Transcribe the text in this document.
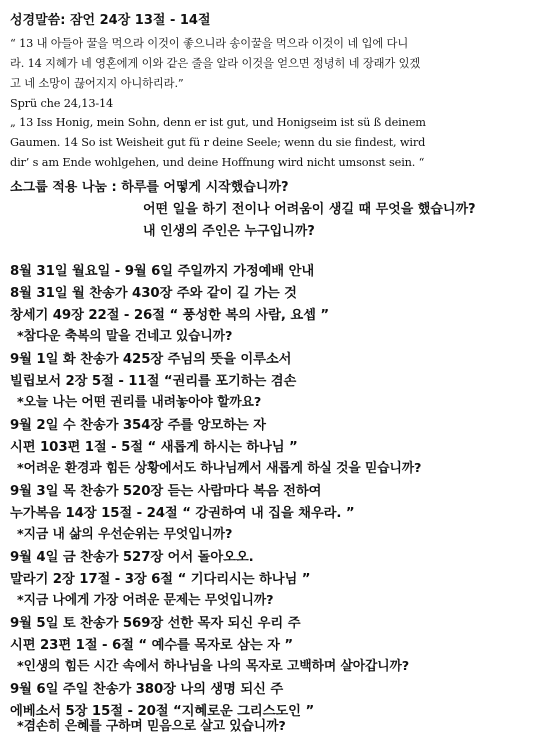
성경말씀: 잠언 24장 13절 - 14절
“ 13 내 아들아 꿀을 먹으라 이것이 좋으니라 송이꿀을 먹으라 이것이 네 입에 다니
라. 14 지혜가 네 영혼에게 이와 같은 줄을 알라 이것을 얻으면 정녕히 네 장래가 있겠
고 네 소망이 끊어지지 아니하리라.”
Sprü che 24,13-14
„ 13 Iss Honig, mein Sohn, denn er ist gut, und Honigseim ist sü ß deinem
Gaumen. 14 So ist Weisheit gut fü r deine Seele; wenn du sie findest, wird
dir’ s am Ende wohlgehen, und deine Hoffnung wird nicht umsonst sein. “
소그룹 적용 나눔 : 하루를 어떻게 시작했습니까?
어떤 일을 하기 전이나 어려움이 생길 때 무엇을 했습니까?
내 인생의 주인은 누구입니까?
8월 31일 월요일 - 9월 6일 주일까지 가정예배 안내
8월 31일 월 찬송가 430장 주와 같이 길 가는 것
창세기 49장 22절 - 26절 “ 풍성한 복의 사람, 요셉 ”
*참다운 축복의 말을 건네고 있습니까?
9월 1일 화 찬송가 425장 주님의 뜻을 이루소서
빌립보서 2장 5절 - 11절 “권리를 포기하는 겸손
*오늘 나는 어떤 권리를 내려놓아야 할까요?
9월 2일 수 찬송가 354장 주를 앙모하는 자
시편 103편 1절 - 5절 “ 새롭게 하시는 하나님 ”
*어려운 환경과 힘든 상황에서도 하나님께서 새롭게 하실 것을 믿습니까?
9월 3일 목 찬송가 520장 듣는 사람마다 복음 전하여
누가복음 14장 15절 - 24절 “ 강권하여 내 집을 채우라. ”
*지금 내 삶의 우선순위는 무엇입니까?
9월 4일 금 찬송가 527장 어서 돌아오오.
말라기 2장 17절 - 3장 6절 “ 기다리시는 하나님 ”
*지금 나에게 가장 어려운 문제는 무엇입니까?
9월 5일 토 찬송가 569장 선한 목자 되신 우리 주
시편 23편 1절 - 6절 “ 예수를 목자로 삼는 자 ”
*인생의 힘든 시간 속에서 하나님을 나의 목자로 고백하며 살아갑니까?
9월 6일 주일 찬송가 380장 나의 생명 되신 주
에베소서 5장 15절 - 20절 “지혜로운 그리스도인 ”
*겸손히 은혜를 구하며 믿음으로 살고 있습니까?
